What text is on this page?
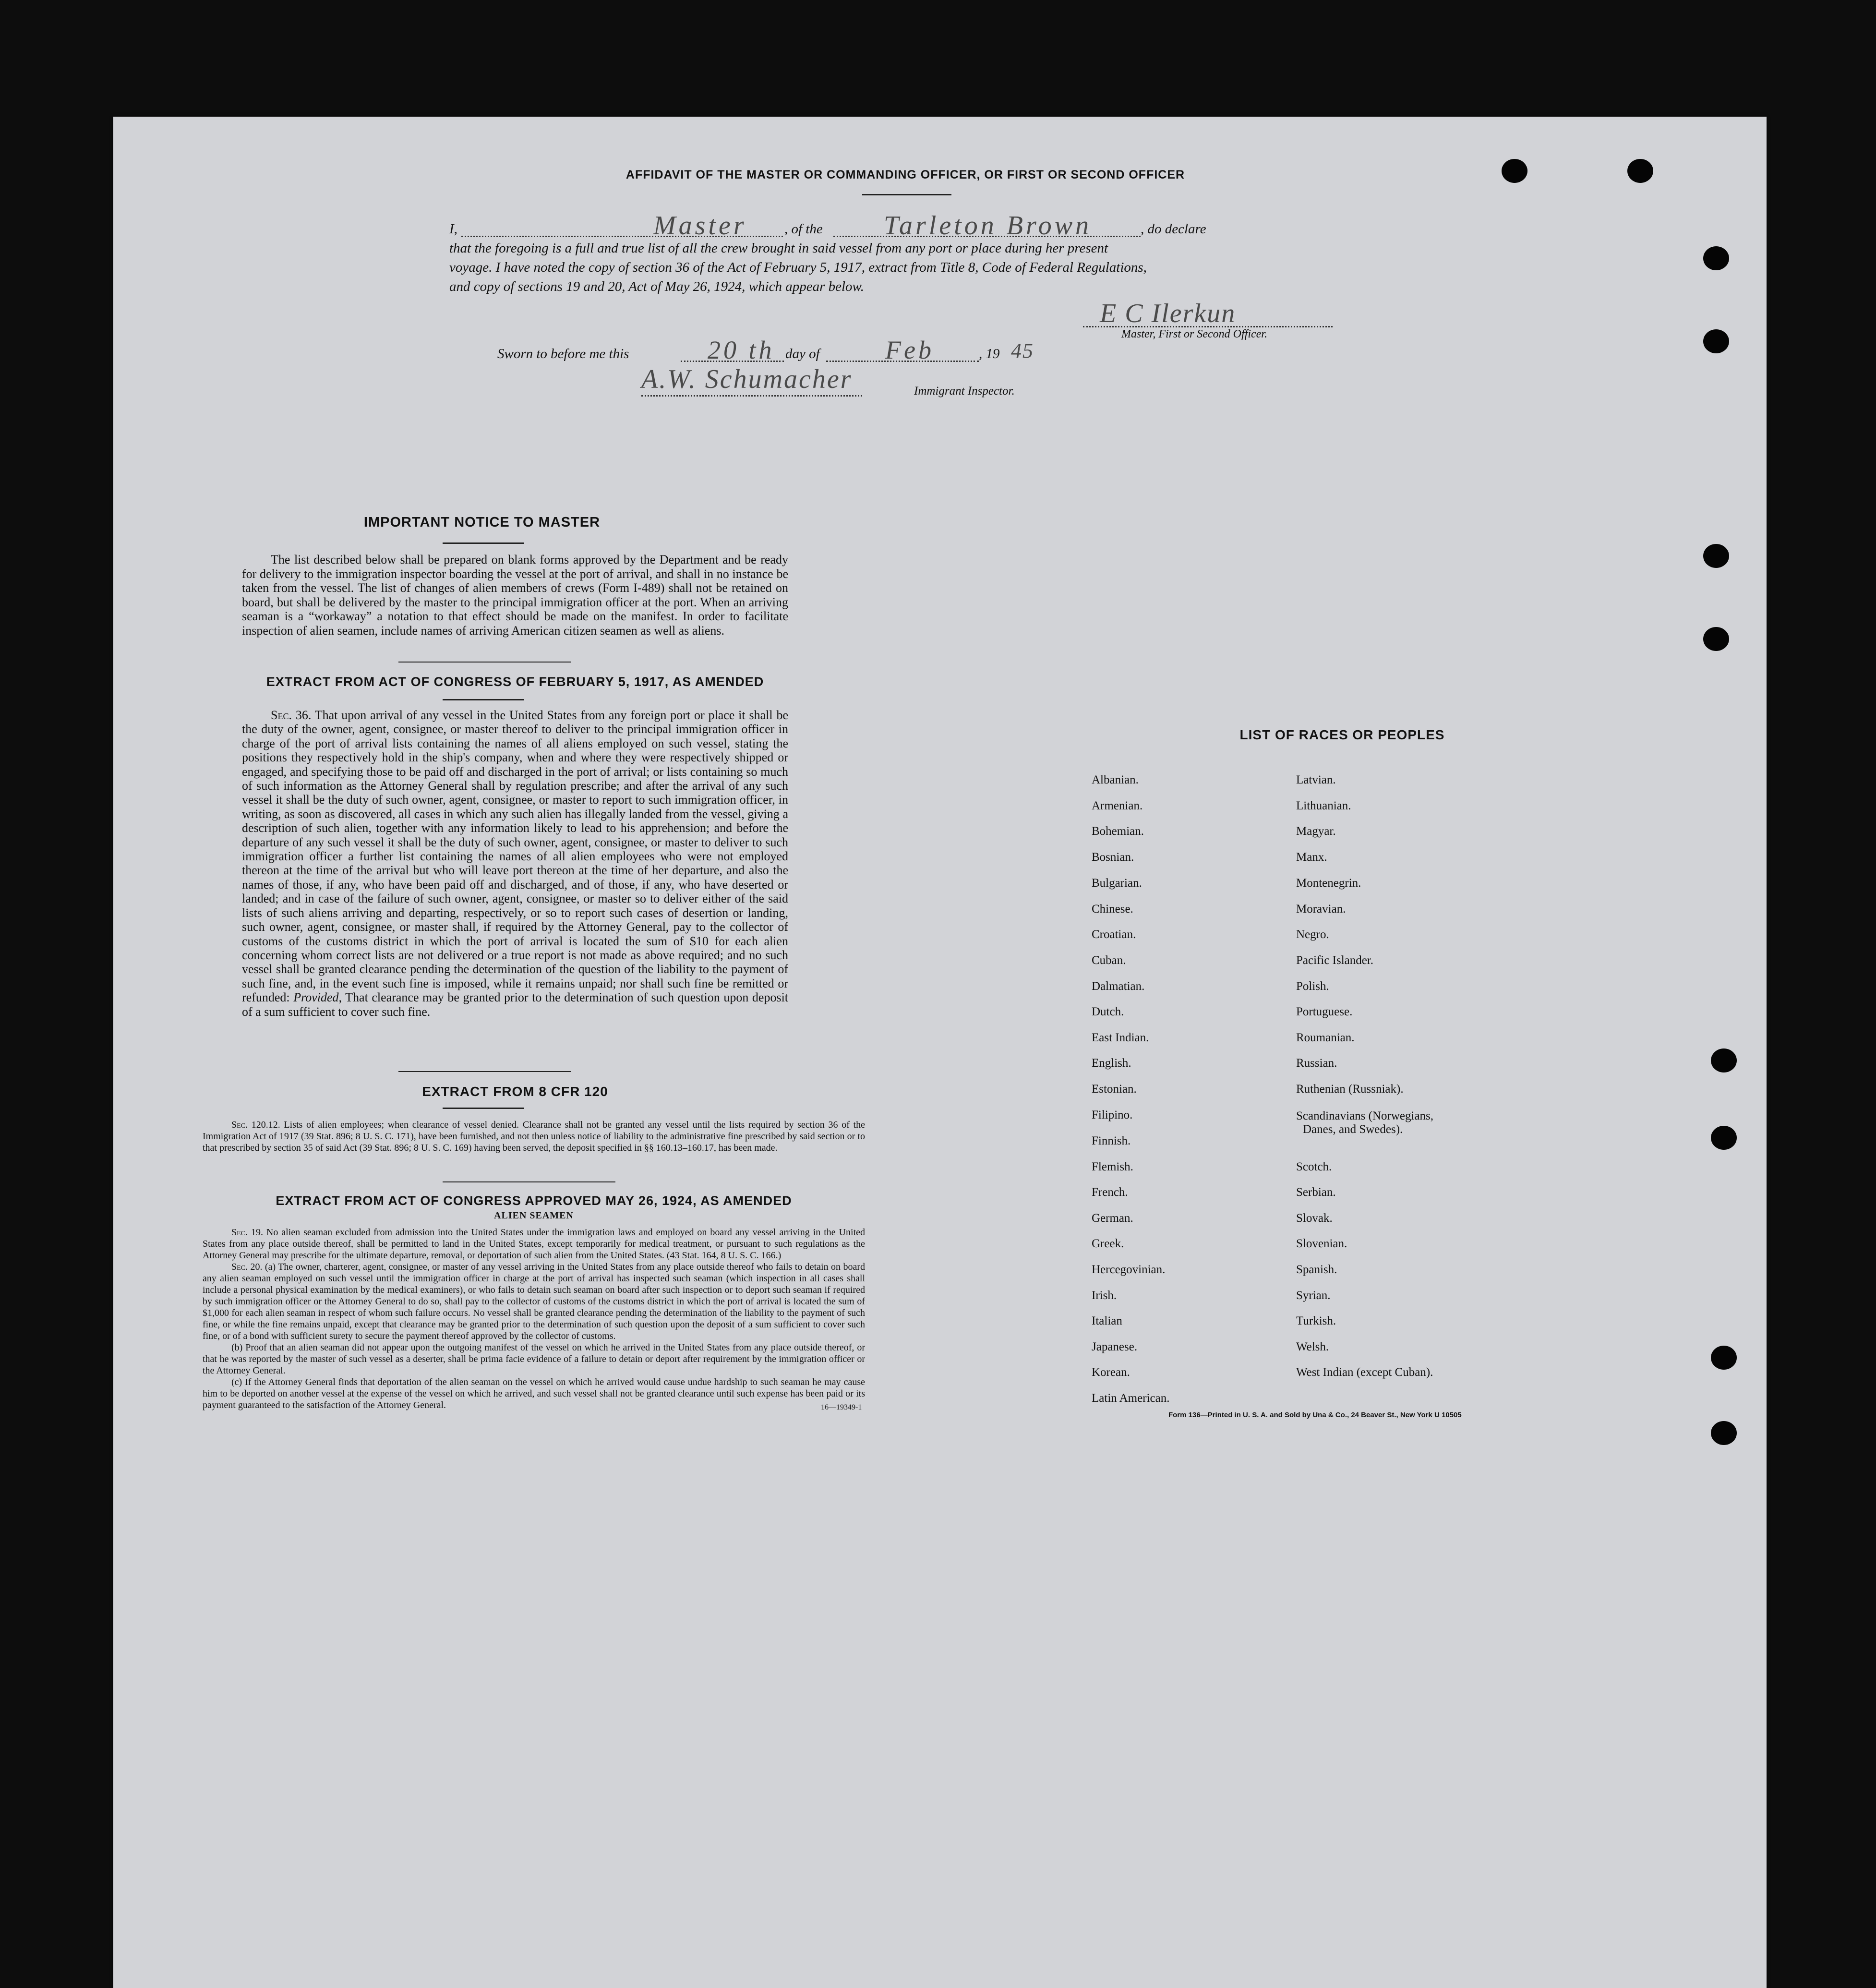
AFFIDAVIT OF THE MASTER OR COMMANDING OFFICER, OR FIRST OR SECOND OFFICER
I,	Master	, of the Tarleton Brown	, do declare
that the foregoing is a full and true list of all the crew brought in said vessel from any port or place during her present
voyage. I have noted the copy of section 36 of the Act of February 5, 1917, extract from Title 8, Code of Federal Regulations,
and copy of sections 19 and 20, Act of May 26, 1924, which appear below.
E C Ilerkun
Master, First or Second Officer.
Sworn to before me this	20 th day of	Feb	, 19 45
A.W. Schumacher	Immigrant Inspector.
IMPORTANT NOTICE TO MASTER
The list described below shall be prepared on blank forms approved by the Department and be ready for delivery to the immigration inspector boarding the vessel at the port of arrival, and shall in no instance be taken from the vessel. The list of changes of alien members of crews (Form I-489) shall not be retained on board, but shall be delivered by the master to the principal immigration officer at the port. When an arriving seaman is a “workaway” a notation to that effect should be made on the manifest. In order to facilitate inspection of alien seamen, include names of arriving American citizen seamen as well as aliens.
EXTRACT FROM ACT OF CONGRESS OF FEBRUARY 5, 1917, AS AMENDED
Sec. 36. That upon arrival of any vessel in the United States from any foreign port or place it shall be the duty of the owner, agent, consignee, or master thereof to deliver to the principal immigration officer in charge of the port of arrival lists containing the names of all aliens employed on such vessel, stating the positions they respectively hold in the ship's company, when and where they were respectively shipped or engaged, and specifying those to be paid off and discharged in the port of arrival; or lists containing so much of such information as the Attorney General shall by regulation prescribe; and after the arrival of any such vessel it shall be the duty of such owner, agent, consignee, or master to report to such immigration officer, in writing, as soon as discovered, all cases in which any such alien has illegally landed from the vessel, giving a description of such alien, together with any information likely to lead to his apprehension; and before the departure of any such vessel it shall be the duty of such owner, agent, consignee, or master to deliver to such immigration officer a further list containing the names of all alien employees who were not employed thereon at the time of the arrival but who will leave port thereon at the time of her departure, and also the names of those, if any, who have been paid off and discharged, and of those, if any, who have deserted or landed; and in case of the failure of such owner, agent, consignee, or master so to deliver either of the said lists of such aliens arriving and departing, respectively, or so to report such cases of desertion or landing, such owner, agent, consignee, or master shall, if required by the Attorney General, pay to the collector of customs of the customs district in which the port of arrival is located the sum of $10 for each alien concerning whom correct lists are not delivered or a true report is not made as above required; and no such vessel shall be granted clearance pending the determination of the question of the liability to the payment of such fine, and, in the event such fine is imposed, while it remains unpaid; nor shall such fine be remitted or refunded: Provided, That clearance may be granted prior to the determination of such question upon deposit of a sum sufficient to cover such fine.
EXTRACT FROM 8 CFR 120
Sec. 120.12. Lists of alien employees; when clearance of vessel denied. Clearance shall not be granted any vessel until the lists required by section 36 of the Immigration Act of 1917 (39 Stat. 896; 8 U. S. C. 171), have been furnished, and not then unless notice of liability to the administrative fine prescribed by said section or to that prescribed by section 35 of said Act (39 Stat. 896; 8 U. S. C. 169) having been served, the deposit specified in §§ 160.13–160.17, has been made.
EXTRACT FROM ACT OF CONGRESS APPROVED MAY 26, 1924, AS AMENDED
ALIEN SEAMEN
Sec. 19. No alien seaman excluded from admission into the United States under the immigration laws and employed on board any vessel arriving in the United States from any place outside thereof, shall be permitted to land in the United States, except temporarily for medical treatment, or pursuant to such regulations as the Attorney General may prescribe for the ultimate departure, removal, or deportation of such alien from the United States. (43 Stat. 164, 8 U. S. C. 166.)
Sec. 20. (a) The owner, charterer, agent, consignee, or master of any vessel arriving in the United States from any place outside thereof who fails to detain on board any alien seaman employed on such vessel until the immigration officer in charge at the port of arrival has inspected such seaman (which inspection in all cases shall include a personal physical examination by the medical examiners), or who fails to detain such seaman on board after such inspection or to deport such seaman if required by such immigration officer or the Attorney General to do so, shall pay to the collector of customs of the customs district in which the port of arrival is located the sum of $1,000 for each alien seaman in respect of whom such failure occurs. No vessel shall be granted clearance pending the determination of the liability to the payment of such fine, or while the fine remains unpaid, except that clearance may be granted prior to the determination of such question upon the deposit of a sum sufficient to cover such fine, or of a bond with sufficient surety to secure the payment thereof approved by the collector of customs.
(b) Proof that an alien seaman did not appear upon the outgoing manifest of the vessel on which he arrived in the United States from any place outside thereof, or that he was reported by the master of such vessel as a deserter, shall be prima facie evidence of a failure to detain or deport after requirement by the immigration officer or the Attorney General.
(c) If the Attorney General finds that deportation of the alien seaman on the vessel on which he arrived would cause undue hardship to such seaman he may cause him to be deported on another vessel at the expense of the vessel on which he arrived, and such vessel shall not be granted clearance until such expense has been paid or its payment guaranteed to the satisfaction of the Attorney General.	16—19349-1
LIST OF RACES OR PEOPLES
Form 136—Printed in U. S. A. and Sold by Una & Co., 24 Beaver St., New York U 10505
Albanian.
Armenian.
Bohemian.
Bosnian.
Bulgarian.
Chinese.
Croatian.
Cuban.
Dalmatian.
Dutch.
East Indian.
English.
Estonian.
Filipino.
Finnish.
Flemish.
French.
German.
Greek.
Hercegovinian.
Irish.
Italian
Japanese.
Korean.
Latin American.
Latvian.
Lithuanian.
Magyar.
Manx.
Montenegrin.
Moravian.
Negro.
Pacific Islander.
Polish.
Portuguese.
Roumanian.
Russian.
Ruthenian (Russniak).
Scandinavians (Norwegians,
Danes, and Swedes).
Scotch.
Serbian.
Slovak.
Slovenian.
Spanish.
Syrian.
Turkish.
Welsh.
West Indian (except Cuban).
